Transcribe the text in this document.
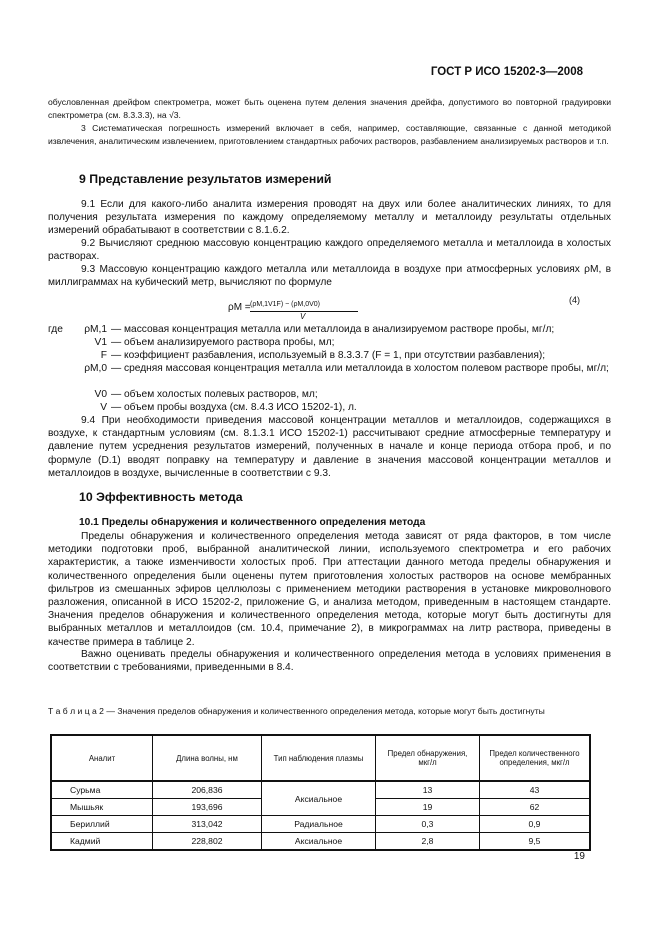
ГОСТ Р ИСО 15202-3—2008
обусловленная дрейфом спектрометра, может быть оценена путем деления значения дрейфа, допустимого во повторной градуировки спектрометра (см. 8.3.3.3), на √3.
3 Систематическая погрешность измерений включает в себя, например, составляющие, связанные с данной методикой извлечения, аналитическим извлечением, приготовлением стандартных рабочих растворов, разбавлением анализируемых растворов и т.п.
9 Представление результатов измерений
9.1 Если для какого-либо аналита измерения проводят на двух или более аналитических линиях, то для получения результата измерения по каждому определяемому металлу и металлоиду результаты отдельных измерений обрабатывают в соответствии с 8.1.6.2.
9.2 Вычисляют среднюю массовую концентрацию каждого определяемого металла и металлоида в холостых растворах.
9.3 Массовую концентрацию каждого металла или металлоида в воздухе при атмосферных условиях ρM, в миллиграммах на кубический метр, вычисляют по формуле
ρM = (ρM,1V1F) − (ρM,0V0)
V
(4)
где ρM,1 — массовая концентрация металла или металлоида в анализируемом растворе пробы, мг/л;
V1 — объем анализируемого раствора пробы, мл;
F — коэффициент разбавления, используемый в 8.3.3.7 (F = 1, при отсутствии разбавления);
ρM,0 — средняя массовая концентрация металла или металлоида в холостом полевом растворе пробы, мг/л;
V0 — объем холостых полевых растворов, мл;
V — объем пробы воздуха (см. 8.4.3 ИСО 15202-1), л.
9.4 При необходимости приведения массовой концентрации металлов и металлоидов, содержащихся в воздухе, к стандартным условиям (см. 8.1.3.1 ИСО 15202-1) рассчитывают средние атмосферные температуру и давление путем усреднения результатов измерений, полученных в начале и конце периода отбора проб, и по формуле (D.1) вводят поправку на температуру и давление в значения массовой концентрации металлов и металлоидов в воздухе, вычисленные в соответствии с 9.3.
10 Эффективность метода
10.1 Пределы обнаружения и количественного определения метода
Пределы обнаружения и количественного определения метода зависят от ряда факторов, в том числе методики подготовки проб, выбранной аналитической линии, используемого спектрометра и его рабочих характеристик, а также изменчивости холостых проб. При аттестации данного метода пределы обнаружения и количественного определения были оценены путем приготовления холостых растворов на основе мембранных фильтров из смешанных эфиров целлюлозы с применением методики растворения в установке микроволнового разложения, описанной в ИСО 15202-2, приложение G, и анализа методом, приведенным в настоящем стандарте. Значения пределов обнаружения и количественного определения метода, которые могут быть достигнуты для выбранных металлов и металлоидов (см. 10.4, примечание 2), в микрограммах на литр раствора, приведены в качестве примера в таблице 2.
Важно оценивать пределы обнаружения и количественного определения метода в условиях применения в соответствии с требованиями, приведенными в 8.4.
Т а б л и ц а 2 — Значения пределов обнаружения и количественного определения метода, которые могут быть достигнуты
Аналит	Длина волны, нм	Тип наблюдения плазмы	Предел обнаружения, мкг/л	Предел количественного определения, мкг/л
Сурьма	206,836	Аксиальное	13	43
Мышьяк	193,696		19	62
Бериллий	313,042	Радиальное	0,3	0,9
Кадмий	228,802	Аксиальное	2,8	9,5
19
